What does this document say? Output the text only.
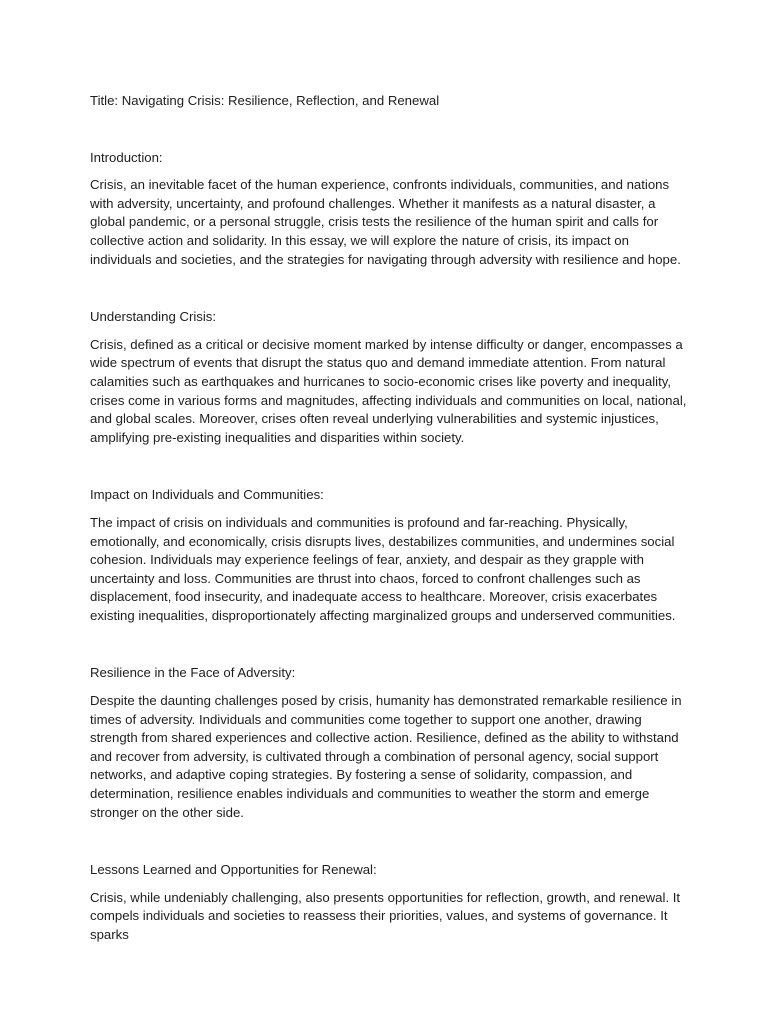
Title: Navigating Crisis: Resilience, Reflection, and Renewal

Introduction:

Crisis, an inevitable facet of the human experience, confronts individuals, communities, and nations with adversity, uncertainty, and profound challenges. Whether it manifests as a natural disaster, a global pandemic, or a personal struggle, crisis tests the resilience of the human spirit and calls for collective action and solidarity. In this essay, we will explore the nature of crisis, its impact on individuals and societies, and the strategies for navigating through adversity with resilience and hope.

Understanding Crisis:

Crisis, defined as a critical or decisive moment marked by intense difficulty or danger, encompasses a wide spectrum of events that disrupt the status quo and demand immediate attention. From natural calamities such as earthquakes and hurricanes to socio-economic crises like poverty and inequality, crises come in various forms and magnitudes, affecting individuals and communities on local, national, and global scales. Moreover, crises often reveal underlying vulnerabilities and systemic injustices, amplifying pre-existing inequalities and disparities within society.

Impact on Individuals and Communities:

The impact of crisis on individuals and communities is profound and far-reaching. Physically, emotionally, and economically, crisis disrupts lives, destabilizes communities, and undermines social cohesion. Individuals may experience feelings of fear, anxiety, and despair as they grapple with uncertainty and loss. Communities are thrust into chaos, forced to confront challenges such as displacement, food insecurity, and inadequate access to healthcare. Moreover, crisis exacerbates existing inequalities, disproportionately affecting marginalized groups and underserved communities.

Resilience in the Face of Adversity:

Despite the daunting challenges posed by crisis, humanity has demonstrated remarkable resilience in times of adversity. Individuals and communities come together to support one another, drawing strength from shared experiences and collective action. Resilience, defined as the ability to withstand and recover from adversity, is cultivated through a combination of personal agency, social support networks, and adaptive coping strategies. By fostering a sense of solidarity, compassion, and determination, resilience enables individuals and communities to weather the storm and emerge stronger on the other side.

Lessons Learned and Opportunities for Renewal:

Crisis, while undeniably challenging, also presents opportunities for reflection, growth, and renewal. It compels individuals and societies to reassess their priorities, values, and systems of governance. It sparks
